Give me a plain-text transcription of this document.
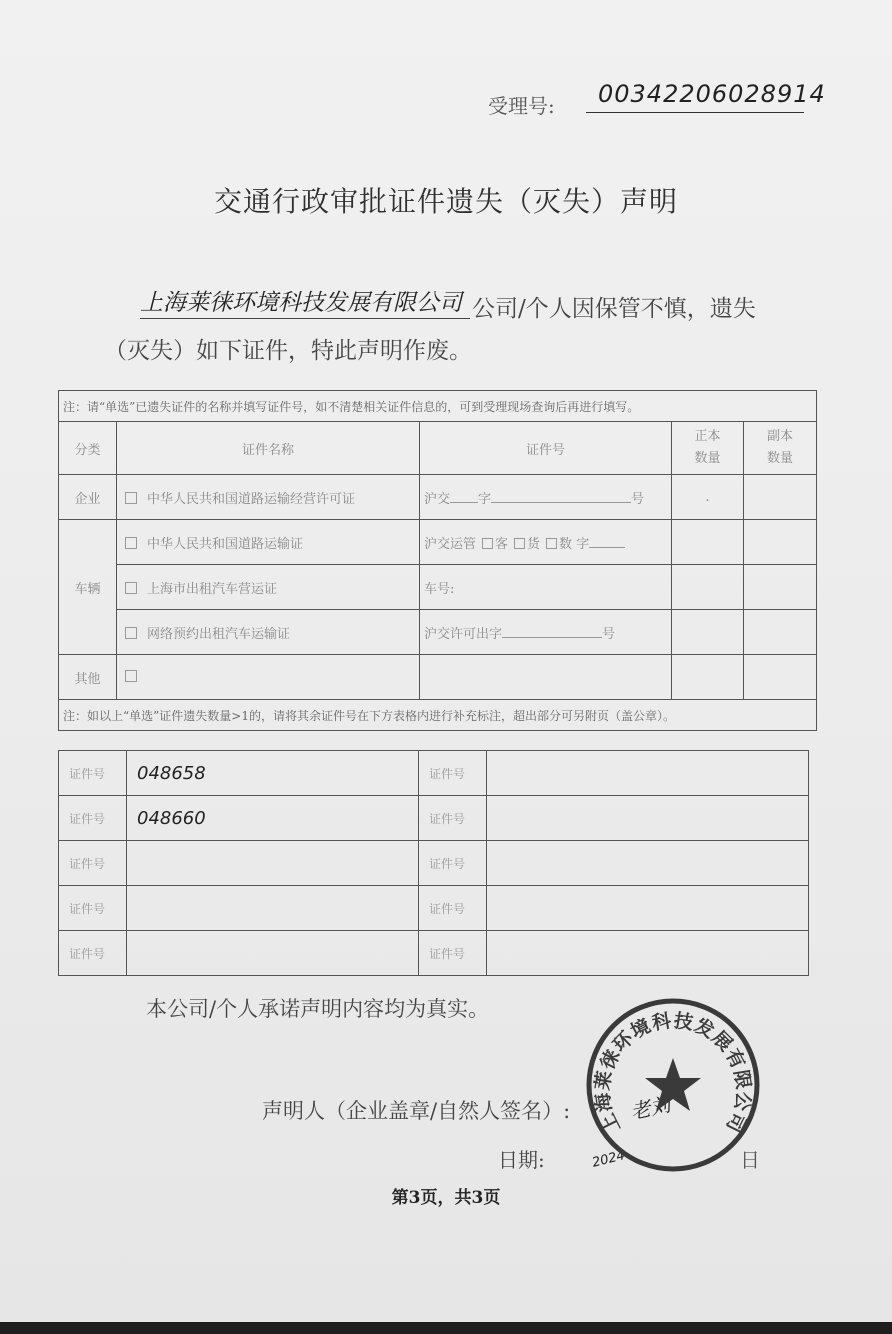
受理号: 00342206028914
交通行政审批证件遗失（灭失）声明
上海莱徕环境科技发展有限公司 公司/个人因保管不慎，遗失
（灭失）如下证件，特此声明作废。
注：请“单选”已遗失证件的名称并填写证件号，如不清楚相关证件信息的，可到受理现场查询后再进行填写。				
分类	证件名称	证件号	正本数量	副本数量
企业	中华人民共和国道路运输经营许可证	沪交 字 号	.	
车辆	中华人民共和国道路运输证	沪交运管 客 货 数 字		
	上海市出租汽车营运证	车号:		
	网络预约出租汽车运输证	沪交许可出字 号		
其他				
注：如以上“单选”证件遗失数量>1的，请将其余证件号在下方表格内进行补充标注，超出部分可另附页（盖公章）。				
证件号	048658	证件号	
证件号	048660	证件号	
证件号		证件号	
证件号		证件号	
证件号		证件号	
本公司/个人承诺声明内容均为真实。
声明人（企业盖章/自然人签名）:	老刘
日期:	2024	日
上海莱徕环境科技发展有限公司
第3页，共3页
